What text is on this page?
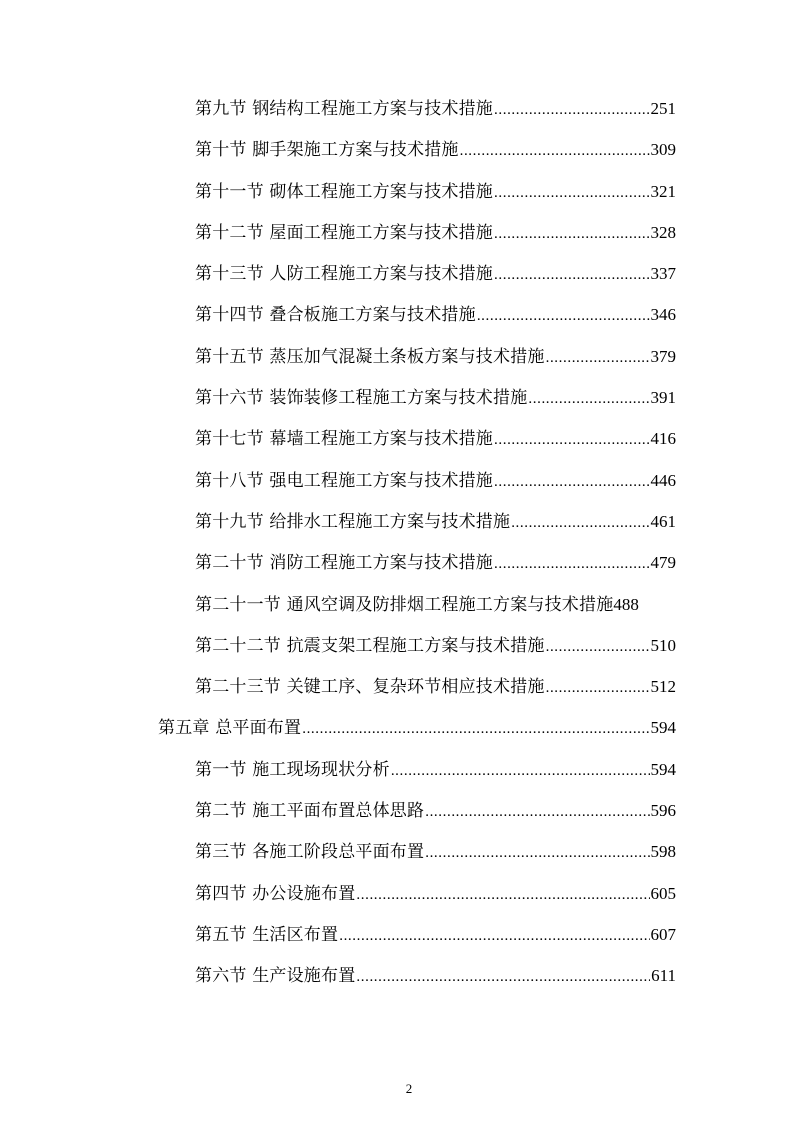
第九节 钢结构工程施工方案与技术措施 .....	251
第十节 脚手架施工方案与技术措施 .....	309
第十一节 砌体工程施工方案与技术措施 .....	321
第十二节 屋面工程施工方案与技术措施 .....	328
第十三节 人防工程施工方案与技术措施 .....	337
第十四节 叠合板施工方案与技术措施 .....	346
第十五节 蒸压加气混凝土条板方案与技术措施 .....	379
第十六节 装饰装修工程施工方案与技术措施 .....	391
第十七节 幕墙工程施工方案与技术措施 .....	416
第十八节 强电工程施工方案与技术措施 .....	446
第十九节 给排水工程施工方案与技术措施 .....	461
第二十节 消防工程施工方案与技术措施 .....	479
第二十一节 通风空调及防排烟工程施工方案与技术措施 488
第二十二节 抗震支架工程施工方案与技术措施 .....	510
第二十三节 关键工序、复杂环节相应技术措施 .....	512
第五章 总平面布置 .....	594
第一节 施工现场现状分析 .....	594
第二节 施工平面布置总体思路 .....	596
第三节 各施工阶段总平面布置 .....	598
第四节 办公设施布置 .....	605
第五节 生活区布置 .....	607
第六节 生产设施布置 .....	611
2
